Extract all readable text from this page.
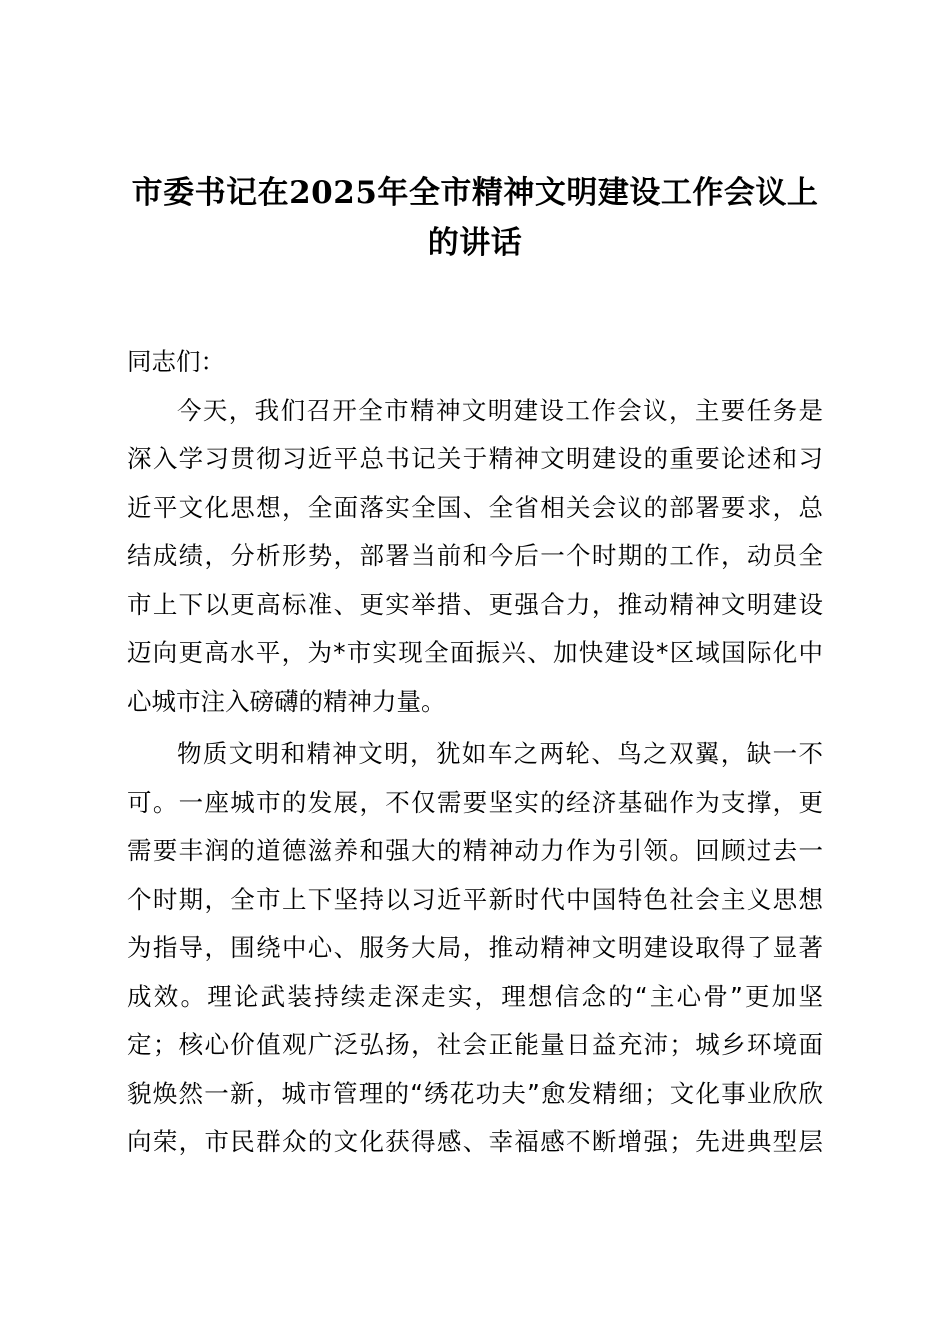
市委书记在2025年全市精神文明建设工作会议上
的讲话
同志们：
今天，我们召开全市精神文明建设工作会议，主要任务是
深入学习贯彻习近平总书记关于精神文明建设的重要论述和习
近平文化思想，全面落实全国、全省相关会议的部署要求，总
结成绩，分析形势，部署当前和今后一个时期的工作，动员全
市上下以更高标准、更实举措、更强合力，推动精神文明建设
迈向更高水平，为*市实现全面振兴、加快建设*区域国际化中
心城市注入磅礴的精神力量。
物质文明和精神文明，犹如车之两轮、鸟之双翼，缺一不
可。一座城市的发展，不仅需要坚实的经济基础作为支撑，更
需要丰润的道德滋养和强大的精神动力作为引领。回顾过去一
个时期，全市上下坚持以习近平新时代中国特色社会主义思想
为指导，围绕中心、服务大局，推动精神文明建设取得了显著
成效。理论武装持续走深走实，理想信念的“主心骨”更加坚
定；核心价值观广泛弘扬，社会正能量日益充沛；城乡环境面
貌焕然一新，城市管理的“绣花功夫”愈发精细；文化事业欣欣
向荣，市民群众的文化获得感、幸福感不断增强；先进典型层
